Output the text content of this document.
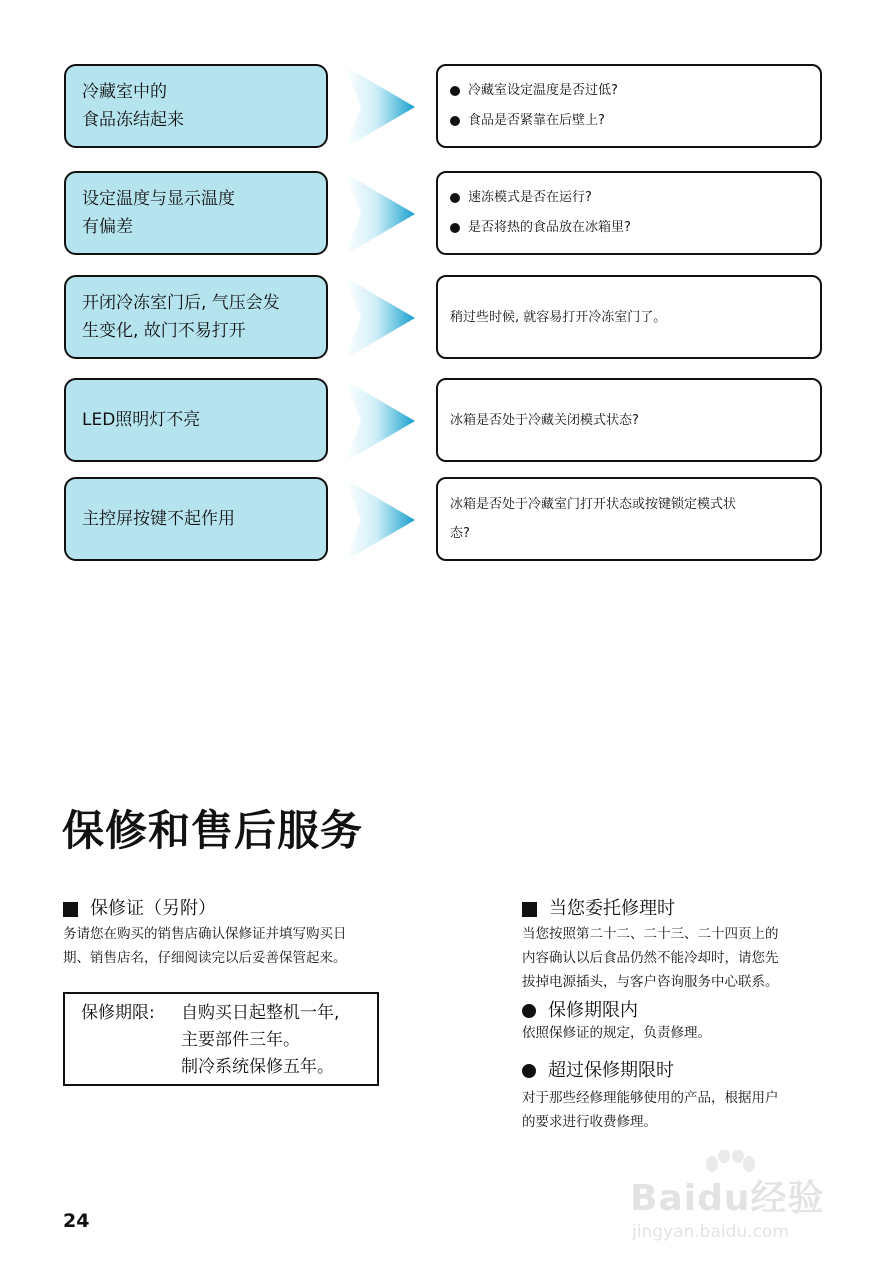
冷藏室中的
食品冻结起来
冷藏室设定温度是否过低?
食品是否紧靠在后壁上?
设定温度与显示温度
有偏差
速冻模式是否在运行?
是否将热的食品放在冰箱里?
开闭冷冻室门后, 气压会发
生变化, 故门不易打开
稍过些时候, 就容易打开冷冻室门了。
LED照明灯不亮	冰箱是否处于冷藏关闭模式状态?
主控屏按键不起作用
冰箱是否处于冷藏室门打开状态或按键锁定模式状
态?
保修和售后服务
保修证（另附）
务请您在购买的销售店确认保修证并填写购买日
期、销售店名，仔细阅读完以后妥善保管起来。
保修期限:	自购买日起整机一年,
主要部件三年。
制冷系统保修五年。
当您委托修理时
当您按照第二十二、二十三、二十四页上的
内容确认以后食品仍然不能冷却时，请您先
拔掉电源插头，与客户咨询服务中心联系。
保修期限内
依照保修证的规定，负责修理。
超过保修期限时
对于那些经修理能够使用的产品，根据用户
的要求进行收费修理。
24
Baidu经验
jingyan.baidu.com
